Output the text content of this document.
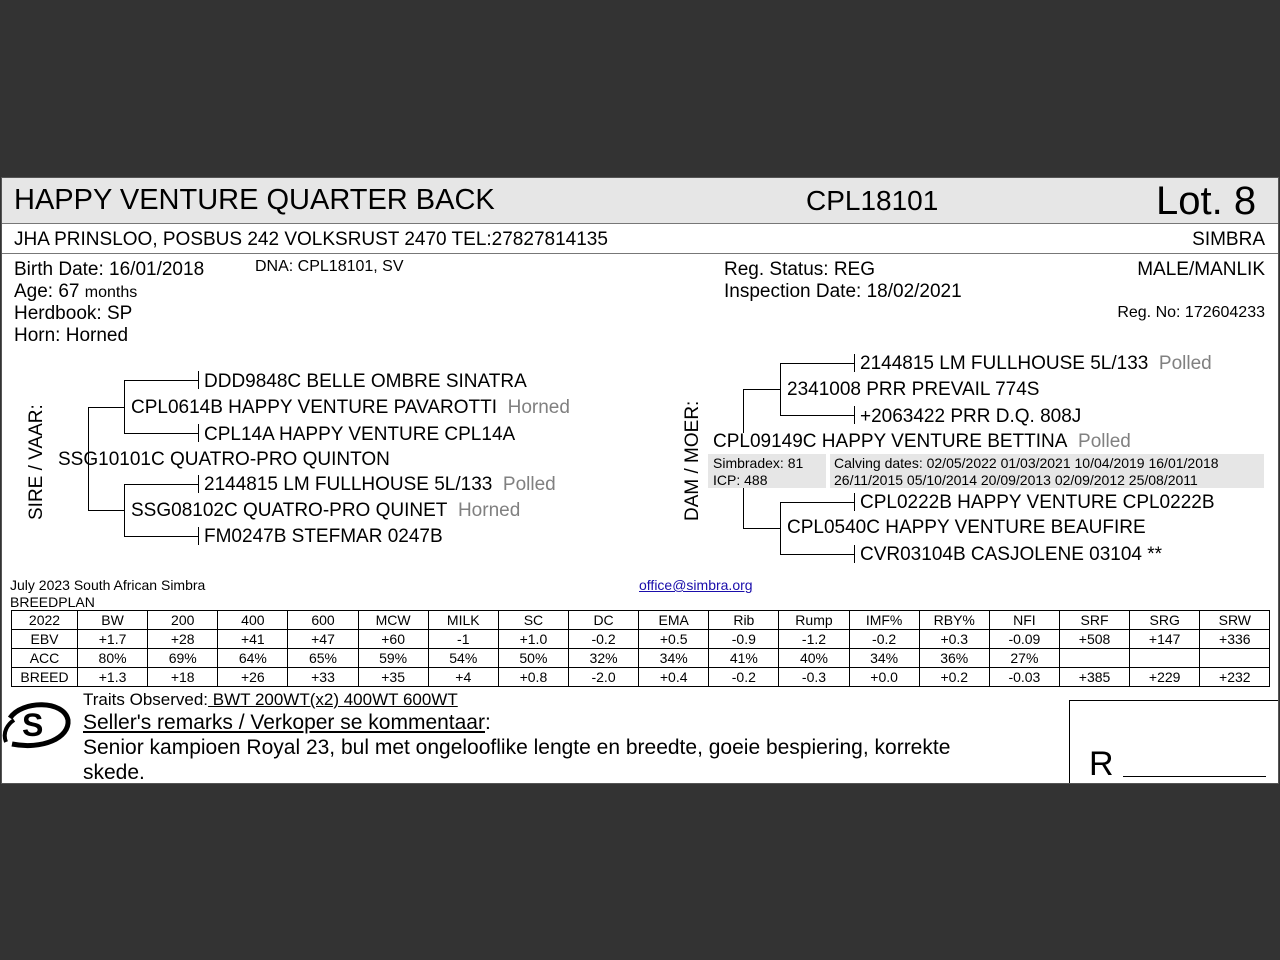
HAPPY VENTURE QUARTER BACK	CPL18101	Lot. 8
JHA PRINSLOO, POSBUS 242 VOLKSRUST 2470 TEL:27827814135	SIMBRA
Birth Date: 16/01/2018	DNA: CPL18101, SV
Age: 67 months
Herdbook: SP
Horn: Horned
Reg. Status: REG
Inspection Date: 18/02/2021
MALE/MANLIK
Reg. No: 172604233
SIRE / VAAR:
DDD9848C BELLE OMBRE SINATRA
CPL0614B HAPPY VENTURE PAVAROTTI Horned
CPL14A HAPPY VENTURE CPL14A
SSG10101C QUATRO-PRO QUINTON
2144815 LM FULLHOUSE 5L/133 Polled
SSG08102C QUATRO-PRO QUINET Horned
FM0247B STEFMAR 0247B
DAM / MOER:
2144815 LM FULLHOUSE 5L/133 Polled
2341008 PRR PREVAIL 774S
+2063422 PRR D.Q. 808J
CPL09149C HAPPY VENTURE BETTINA Polled
Simbradex: 81
ICP: 488
Calving dates: 02/05/2022 01/03/2021 10/04/2019 16/01/2018
26/11/2015 05/10/2014 20/09/2013 02/09/2012 25/08/2011
CPL0222B HAPPY VENTURE CPL0222B
CPL0540C HAPPY VENTURE BEAUFIRE
CVR03104B CASJOLENE 03104 **
July 2023 South African Simbra
BREEDPLAN
office@simbra.org
2022	BW	200	400	600	MCW	MILK	SC	DC	EMA	Rib	Rump	IMF%	RBY%	NFI	SRF	SRG	SRW
EBV	+1.7	+28	+41	+47	+60	-1	+1.0	-0.2	+0.5	-0.9	-1.2	-0.2	+0.3	-0.09	+508	+147	+336
ACC	80%	69%	64%	65%	59%	54%	50%	32%	34%	41%	40%	34%	36%	27%			
BREED	+1.3	+18	+26	+33	+35	+4	+0.8	-2.0	+0.4	-0.2	-0.3	+0.0	+0.2	-0.03	+385	+229	+232
S
Traits Observed: BWT 200WT(x2) 400WT 600WT
Seller's remarks / Verkoper se kommentaar:
Senior kampioen Royal 23, bul met ongelooflike lengte en breedte, goeie bespiering, korrekte
skede.	R
